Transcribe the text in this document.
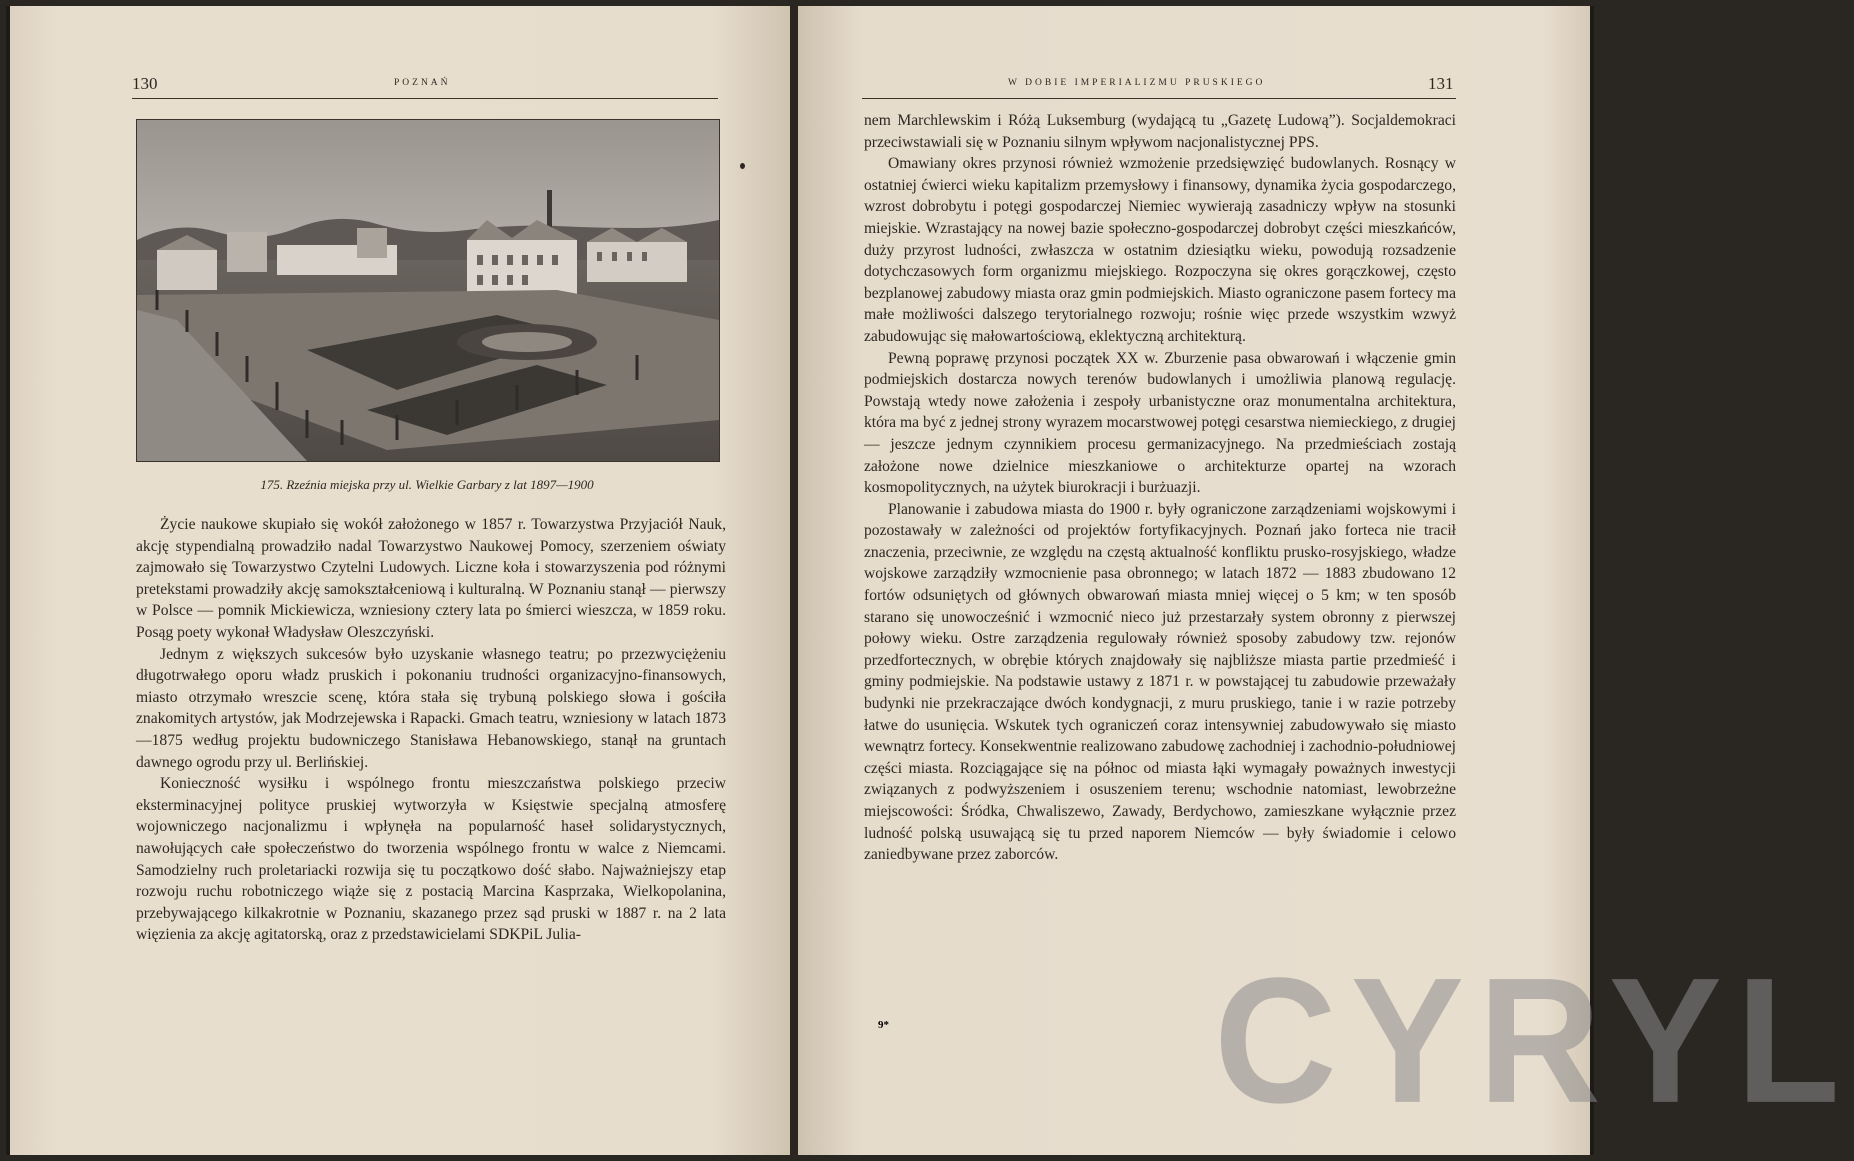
130	POZNAŃ
175. Rzeźnia miejska przy ul. Wielkie Garbary z lat 1897—1900

Życie naukowe skupiało się wokół założonego w 1857 r. Towarzystwa Przyjaciół Nauk, akcję stypendialną prowadziło nadal Towarzystwo Naukowej Pomocy, szerzeniem oświaty zajmowało się Towarzystwo Czytelni Ludowych. Liczne koła i stowarzyszenia pod różnymi pretekstami prowadziły akcję samokształceniową i kulturalną. W Poznaniu stanął — pierwszy w Polsce — pomnik Mickiewicza, wzniesiony cztery lata po śmierci wieszcza, w 1859 roku. Posąg poety wykonał Władysław Oleszczyński.

Jednym z większych sukcesów było uzyskanie własnego teatru; po przezwyciężeniu długotrwałego oporu władz pruskich i pokonaniu trudności organizacyjno-finansowych, miasto otrzymało wreszcie scenę, która stała się trybuną polskiego słowa i gościła znakomitych artystów, jak Modrzejewska i Rapacki. Gmach teatru, wzniesiony w latach 1873—1875 według projektu budowniczego Stanisława Hebanowskiego, stanął na gruntach dawnego ogrodu przy ul. Berlińskiej.

Konieczność wysiłku i wspólnego frontu mieszczaństwa polskiego przeciw eksterminacyjnej polityce pruskiej wytworzyła w Księstwie specjalną atmosferę wojowniczego nacjonalizmu i wpłynęła na popularność haseł solidarystycznych, nawołujących całe społeczeństwo do tworzenia wspólnego frontu w walce z Niemcami. Samodzielny ruch proletariacki rozwija się tu początkowo dość słabo. Najważniejszy etap rozwoju ruchu robotniczego wiąże się z postacią Marcina Kasprzaka, Wielkopolanina, przebywającego kilkakrotnie w Poznaniu, skazanego przez sąd pruski w 1887 r. na 2 lata więzienia za akcję agitatorską, oraz z przedstawicielami SDKPiL Julia-

W DOBIE IMPERIALIZMU PRUSKIEGO	131

nem Marchlewskim i Różą Luksemburg (wydającą tu „Gazetę Ludową”). Socjaldemokraci przeciwstawiali się w Poznaniu silnym wpływom nacjonalistycznej PPS.

Omawiany okres przynosi również wzmożenie przedsięwzięć budowlanych. Rosnący w ostatniej ćwierci wieku kapitalizm przemysłowy i finansowy, dynamika życia gospodarczego, wzrost dobrobytu i potęgi gospodarczej Niemiec wywierają zasadniczy wpływ na stosunki miejskie. Wzrastający na nowej bazie społeczno-gospodarczej dobrobyt części mieszkańców, duży przyrost ludności, zwłaszcza w ostatnim dziesiątku wieku, powodują rozsadzenie dotychczasowych form organizmu miejskiego. Rozpoczyna się okres gorączkowej, często bezplanowej zabudowy miasta oraz gmin podmiejskich. Miasto ograniczone pasem fortecy ma małe możliwości dalszego terytorialnego rozwoju; rośnie więc przede wszystkim wzwyż zabudowując się małowartościową, eklektyczną architekturą.

Pewną poprawę przynosi początek XX w. Zburzenie pasa obwarowań i włączenie gmin podmiejskich dostarcza nowych terenów budowlanych i umożliwia planową regulację. Powstają wtedy nowe założenia i zespoły urbanistyczne oraz monumentalna architektura, która ma być z jednej strony wyrazem mocarstwowej potęgi cesarstwa niemieckiego, z drugiej — jeszcze jednym czynnikiem procesu germanizacyjnego. Na przedmieściach zostają założone nowe dzielnice mieszkaniowe o architekturze opartej na wzorach kosmopolitycznych, na użytek biurokracji i burżuazji.

Planowanie i zabudowa miasta do 1900 r. były ograniczone zarządzeniami wojskowymi i pozostawały w zależności od projektów fortyfikacyjnych. Poznań jako forteca nie tracił znaczenia, przeciwnie, ze względu na częstą aktualność konfliktu prusko-rosyjskiego, władze wojskowe zarządziły wzmocnienie pasa obronnego; w latach 1872 — 1883 zbudowano 12 fortów odsuniętych od głównych obwarowań miasta mniej więcej o 5 km; w ten sposób starano się unowocześnić i wzmocnić nieco już przestarzały system obronny z pierwszej połowy wieku. Ostre zarządzenia regulowały również sposoby zabudowy tzw. rejonów przedfortecznych, w obrębie których znajdowały się najbliższe miasta partie przedmieść i gminy podmiejskie. Na podstawie ustawy z 1871 r. w powstającej tu zabudowie przeważały budynki nie przekraczające dwóch kondygnacji, z muru pruskiego, tanie i w razie potrzeby łatwe do usunięcia. Wskutek tych ograniczeń coraz intensywniej zabudowywało się miasto wewnątrz fortecy. Konsekwentnie realizowano zabudowę zachodniej i zachodnio-południowej części miasta. Rozciągające się na północ od miasta łąki wymagały poważnych inwestycji związanych z podwyższeniem i osuszeniem terenu; wschodnie natomiast, lewobrzeżne miejscowości: Śródka, Chwaliszewo, Zawady, Berdychowo, zamieszkane wyłącznie przez ludność polską usuwającą się tu przed naporem Niemców — były świadomie i celowo zaniedbywane przez zaborców.

9* CYRYL
